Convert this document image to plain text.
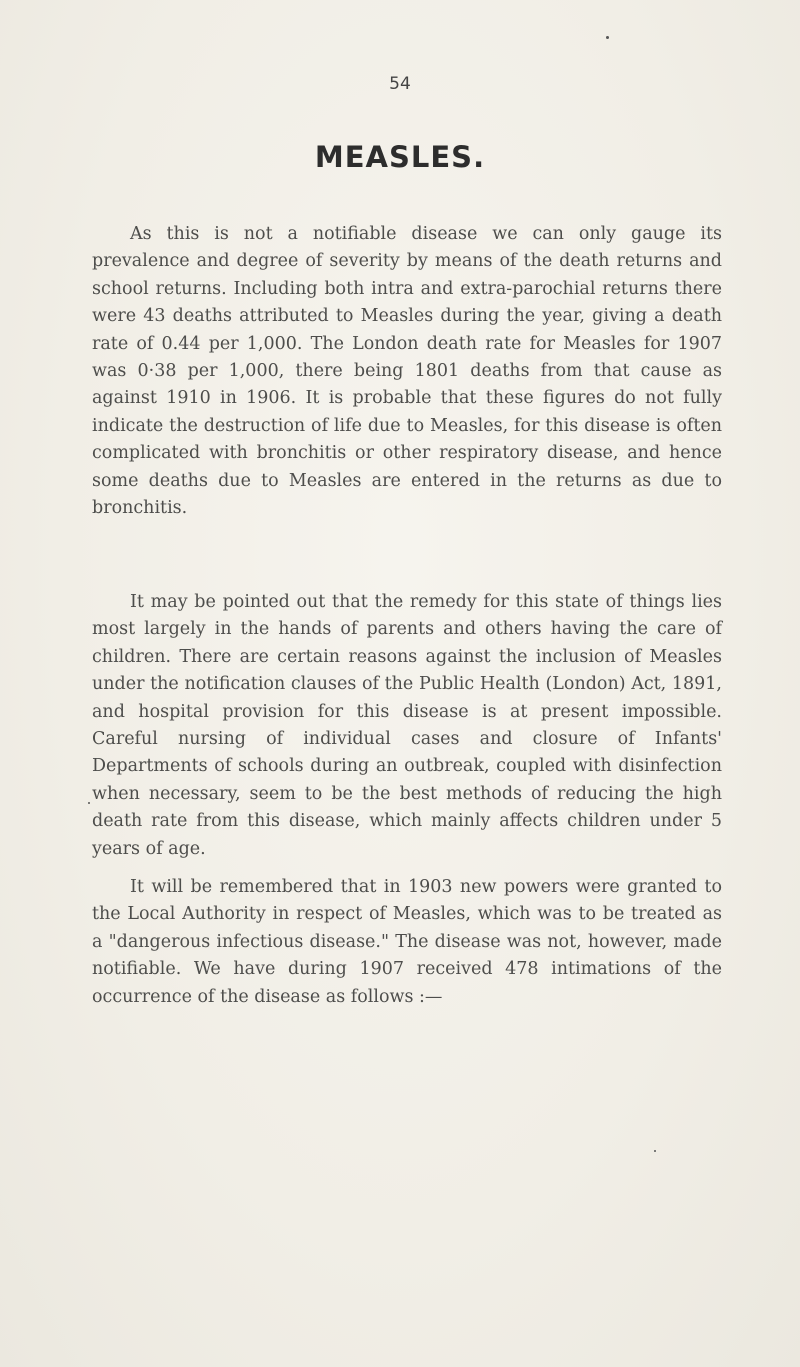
54
MEASLES.

As this is not a notifiable disease we can only gauge its prevalence and degree of severity by means of the death returns and school returns. Including both intra and extra-parochial returns there were 43 deaths attributed to Measles during the year, giving a death rate of 0.44 per 1,000. The London death rate for Measles for 1907 was 0·38 per 1,000, there being 1801 deaths from that cause as against 1910 in 1906. It is probable that these figures do not fully indicate the destruction of life due to Measles, for this disease is often complicated with bronchitis or other respiratory disease, and hence some deaths due to Measles are entered in the returns as due to bronchitis.

It may be pointed out that the remedy for this state of things lies most largely in the hands of parents and others having the care of children. There are certain reasons against the inclusion of Measles under the notification clauses of the Public Health (London) Act, 1891, and hospital provision for this disease is at present impossible. Careful nursing of individual cases and closure of Infants' Departments of schools during an outbreak, coupled with disinfection when necessary, seem to be the best methods of reducing the high death rate from this disease, which mainly affects children under 5 years of age.

It will be remembered that in 1903 new powers were granted to the Local Authority in respect of Measles, which was to be treated as a "dangerous infectious disease." The disease was not, however, made notifiable. We have during 1907 received 478 intimations of the occurrence of the disease as follows :—
